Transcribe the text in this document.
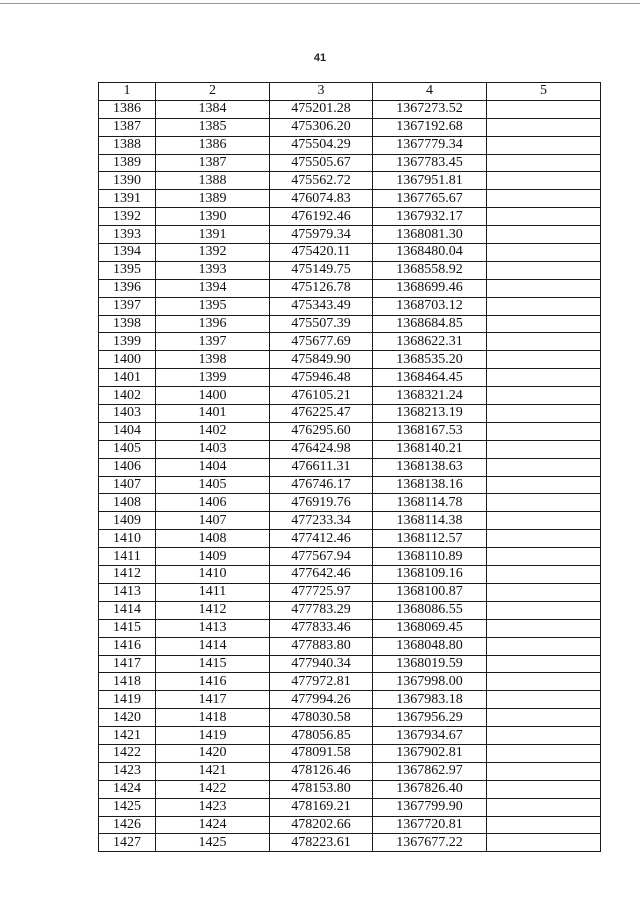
41
1	2	3	4	5
1386	1384	475201.28	1367273.52	
1387	1385	475306.20	1367192.68	
1388	1386	475504.29	1367779.34	
1389	1387	475505.67	1367783.45	
1390	1388	475562.72	1367951.81	
1391	1389	476074.83	1367765.67	
1392	1390	476192.46	1367932.17	
1393	1391	475979.34	1368081.30	
1394	1392	475420.11	1368480.04	
1395	1393	475149.75	1368558.92	
1396	1394	475126.78	1368699.46	
1397	1395	475343.49	1368703.12	
1398	1396	475507.39	1368684.85	
1399	1397	475677.69	1368622.31	
1400	1398	475849.90	1368535.20	
1401	1399	475946.48	1368464.45	
1402	1400	476105.21	1368321.24	
1403	1401	476225.47	1368213.19	
1404	1402	476295.60	1368167.53	
1405	1403	476424.98	1368140.21	
1406	1404	476611.31	1368138.63	
1407	1405	476746.17	1368138.16	
1408	1406	476919.76	1368114.78	
1409	1407	477233.34	1368114.38	
1410	1408	477412.46	1368112.57	
1411	1409	477567.94	1368110.89	
1412	1410	477642.46	1368109.16	
1413	1411	477725.97	1368100.87	
1414	1412	477783.29	1368086.55	
1415	1413	477833.46	1368069.45	
1416	1414	477883.80	1368048.80	
1417	1415	477940.34	1368019.59	
1418	1416	477972.81	1367998.00	
1419	1417	477994.26	1367983.18	
1420	1418	478030.58	1367956.29	
1421	1419	478056.85	1367934.67	
1422	1420	478091.58	1367902.81	
1423	1421	478126.46	1367862.97	
1424	1422	478153.80	1367826.40	
1425	1423	478169.21	1367799.90	
1426	1424	478202.66	1367720.81	
1427	1425	478223.61	1367677.22	
